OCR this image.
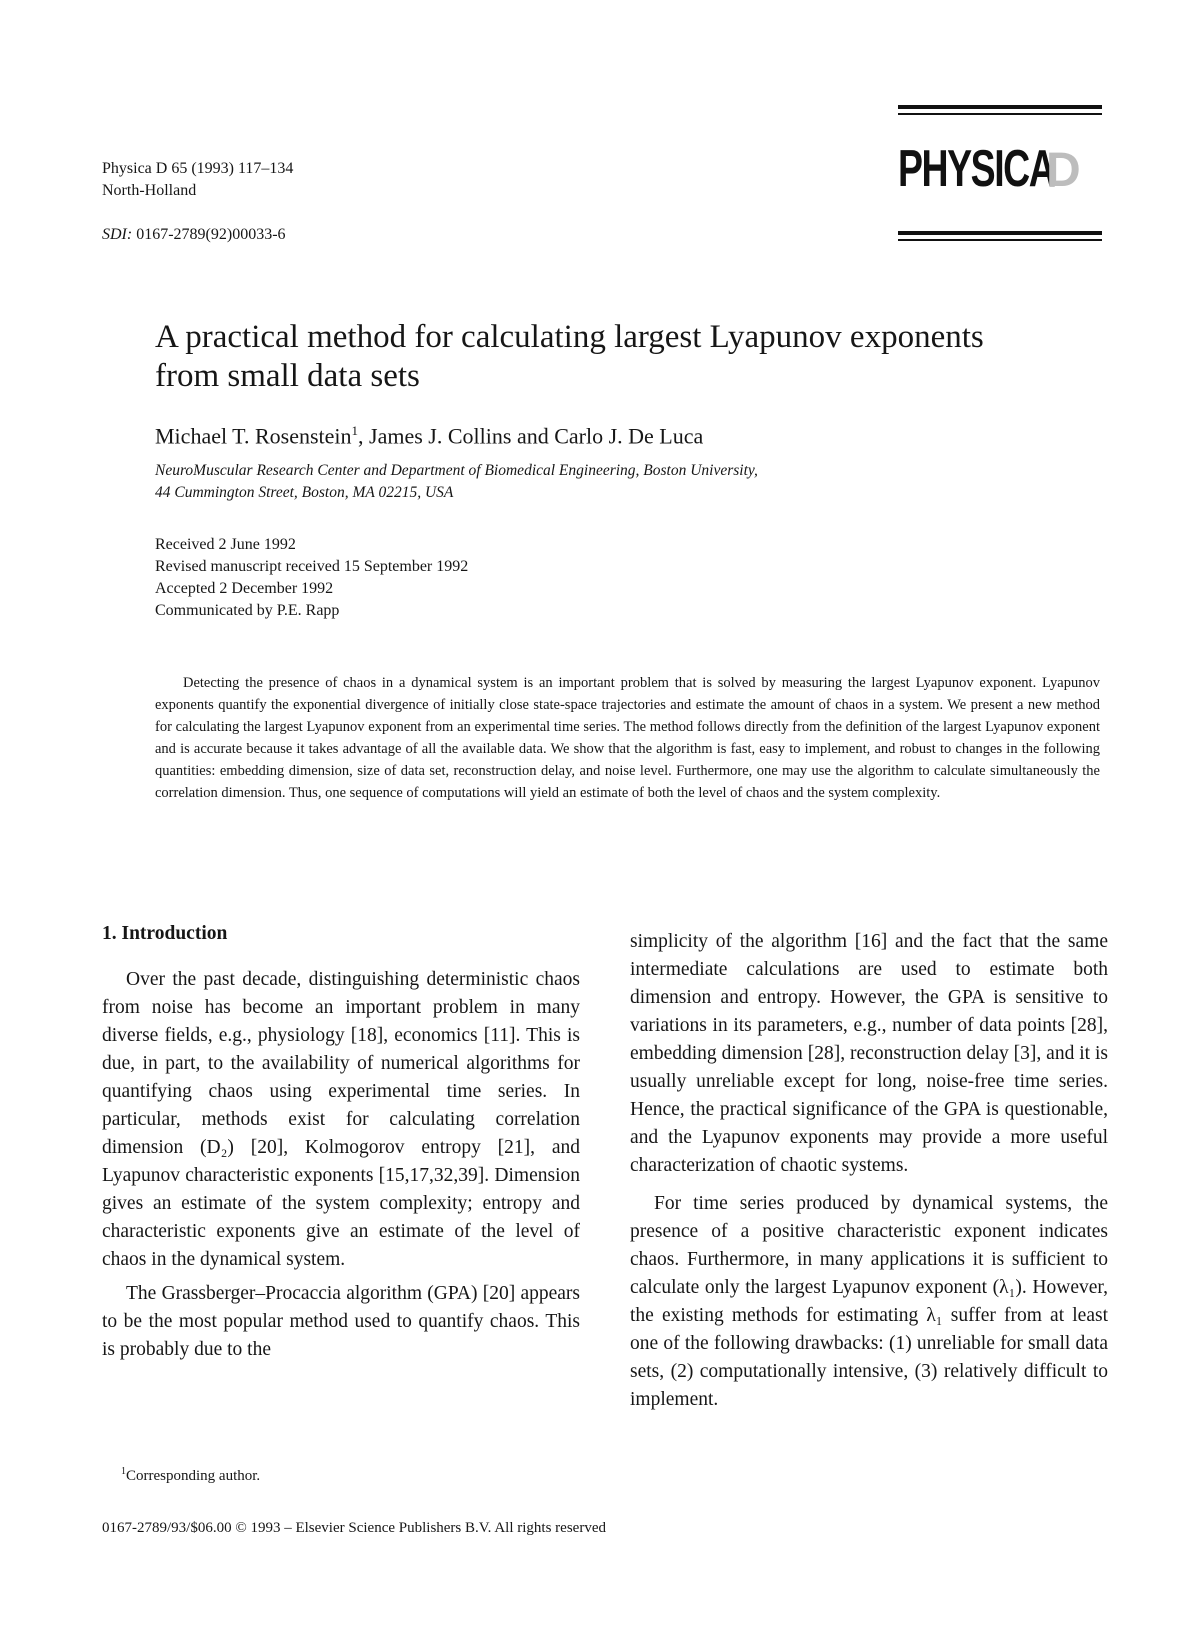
Physica D 65 (1993) 117–134
North-Holland
SDI: 0167-2789(92)00033-6
PHYSICA
D
A practical method for calculating largest Lyapunov exponents
from small data sets
Michael T. Rosenstein$^1$, James J. Collins and Carlo J. De Luca
NeuroMuscular Research Center and Department of Biomedical Engineering, Boston University,
44 Cummington Street, Boston, MA 02215, USA
Received 2 June 1992
Revised manuscript received 15 September 1992
Accepted 2 December 1992
Communicated by P.E. Rapp
Detecting the presence of chaos in a dynamical system is an important problem that is solved by measuring the largest Lyapunov exponent. Lyapunov exponents quantify the exponential divergence of initially close state-space trajectories and estimate the amount of chaos in a system. We present a new method for calculating the largest Lyapunov exponent from an experimental time series. The method follows directly from the definition of the largest Lyapunov exponent and is accurate because it takes advantage of all the available data. We show that the algorithm is fast, easy to implement, and robust to changes in the following quantities: embedding dimension, size of data set, reconstruction delay, and noise level. Furthermore, one may use the algorithm to calculate simultaneously the correlation dimension. Thus, one sequence of computations will yield an estimate of both the level of chaos and the system complexity.

1. Introduction

Over the past decade, distinguishing deterministic chaos from noise has become an important problem in many diverse fields, e.g., physiology [18], economics [11]. This is due, in part, to the availability of numerical algorithms for quantifying chaos using experimental time series. In particular, methods exist for calculating correlation dimension (D₂) [20], Kolmogorov entropy [21], and Lyapunov characteristic exponents [15,17,32,39]. Dimension gives an estimate of the system complexity; entropy and characteristic exponents give an estimate of the level of chaos in the dynamical system.

The Grassberger–Procaccia algorithm (GPA) [20] appears to be the most popular method used to quantify chaos. This is probably due to the

simplicity of the algorithm [16] and the fact that the same intermediate calculations are used to estimate both dimension and entropy. However, the GPA is sensitive to variations in its parameters, e.g., number of data points [28], embedding dimension [28], reconstruction delay [3], and it is usually unreliable except for long, noise-free time series. Hence, the practical significance of the GPA is questionable, and the Lyapunov exponents may provide a more useful characterization of chaotic systems.

For time series produced by dynamical systems, the presence of a positive characteristic exponent indicates chaos. Furthermore, in many applications it is sufficient to calculate only the largest Lyapunov exponent (λ₁). However, the existing methods for estimating λ₁ suffer from at least one of the following drawbacks: (1) unreliable for small data sets, (2) computationally intensive, (3) relatively difficult to implement.

$^1$Corresponding author.
0167-2789/93/$06.00 © 1993 – Elsevier Science Publishers B.V. All rights reserved
